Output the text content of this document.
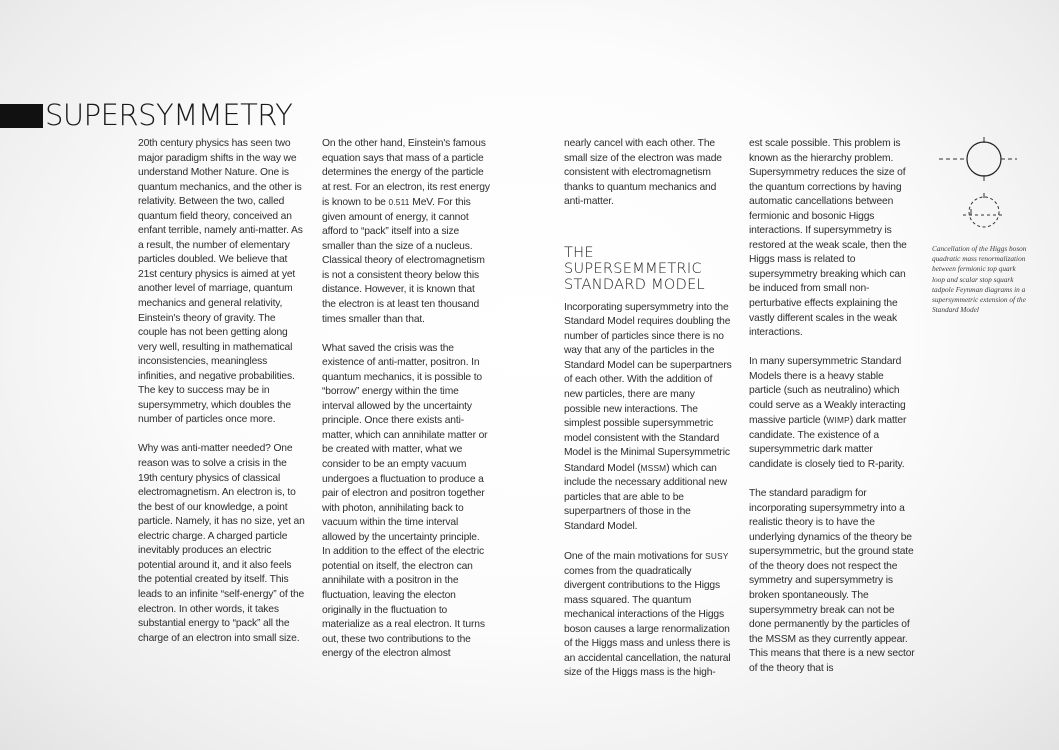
SUPERSYMMETRY

20th century physics has seen two major paradigm shifts in the way we understand Mother Nature. One is quantum mechanics, and the other is relativity. Between the two, called quantum field theory, conceived an enfant terrible, namely anti-matter. As a result, the number of elementary particles doubled. We believe that 21st century physics is aimed at yet another level of marriage, quantum mechanics and general relativity, Einstein's theory of gravity. The couple has not been getting along very well, resulting in mathematical inconsistencies, meaningless infinities, and negative probabilities. The key to success may be in supersymmetry, which doubles the number of particles once more.

Why was anti-matter needed? One reason was to solve a crisis in the 19th century physics of classical electromagnetism. An electron is, to the best of our knowledge, a point particle. Namely, it has no size, yet an electric charge. A charged particle inevitably produces an electric potential around it, and it also feels the potential created by itself. This leads to an infinite “self-energy” of the electron. In other words, it takes substantial energy to “pack” all the charge of an electron into small size.

On the other hand, Einstein's famous equation says that mass of a particle determines the energy of the particle at rest. For an electron, its rest energy is known to be 0.511 MeV. For this given amount of energy, it cannot afford to “pack” itself into a size smaller than the size of a nucleus. Classical theory of electromagnetism is not a consistent theory below this distance. However, it is known that the electron is at least ten thousand times smaller than that.

What saved the crisis was the existence of anti-matter, positron. In quantum mechanics, it is possible to “borrow” energy within the time interval allowed by the uncertainty principle. Once there exists anti-matter, which can annihilate matter or be created with matter, what we consider to be an empty vacuum undergoes a fluctuation to produce a pair of electron and positron together with photon, annihilating back to vacuum within the time interval allowed by the uncertainty principle. In addition to the effect of the electric potential on itself, the electron can annihilate with a positron in the fluctuation, leaving the electon originally in the fluctuation to materialize as a real electron. It turns out, these two contributions to the energy of the electron almost

nearly cancel with each other. The small size of the electron was made consistent with electromagnetism thanks to quantum mechanics and anti-matter.

THE SUPERSEMMETRIC
STANDARD MODEL

Incorporating supersymmetry into the Standard Model requires doubling the number of particles since there is no way that any of the particles in the Standard Model can be superpartners of each other. With the addition of new particles, there are many possible new interactions. The simplest possible supersymmetric model consistent with the Standard Model is the Minimal Supersymmetric Standard Model (MSSM) which can include the necessary additional new particles that are able to be superpartners of those in the Standard Model.

One of the main motivations for SUSY comes from the quadratically divergent contributions to the Higgs mass squared. The quantum mechanical interactions of the Higgs boson causes a large renormalization of the Higgs mass and unless there is an accidental cancellation, the natural size of the Higgs mass is the high-

est scale possible. This problem is known as the hierarchy problem. Supersymmetry reduces the size of the quantum corrections by having automatic cancellations between fermionic and bosonic Higgs interactions. If supersymmetry is restored at the weak scale, then the Higgs mass is related to supersymmetry breaking which can be induced from small non-perturbative effects explaining the vastly different scales in the weak interactions.

In many supersymmetric Standard Models there is a heavy stable particle (such as neutralino) which could serve as a Weakly interacting massive particle (WIMP) dark matter candidate. The existence of a supersymmetric dark matter candidate is closely tied to R-parity.

The standard paradigm for incorporating supersymmetry into a realistic theory is to have the underlying dynamics of the theory be supersymmetric, but the ground state of the theory does not respect the symmetry and supersymmetry is broken spontaneously. The supersymmetry break can not be done permanently by the particles of the MSSM as they currently appear. This means that there is a new sector of the theory that is

Cancellation of the Higgs boson
quadratic mass renormalization
between fermionic top quark
loop and scalar stop squark
tadpole Feynman diagrams in a
supersymmetric extension of the
Standard Model
